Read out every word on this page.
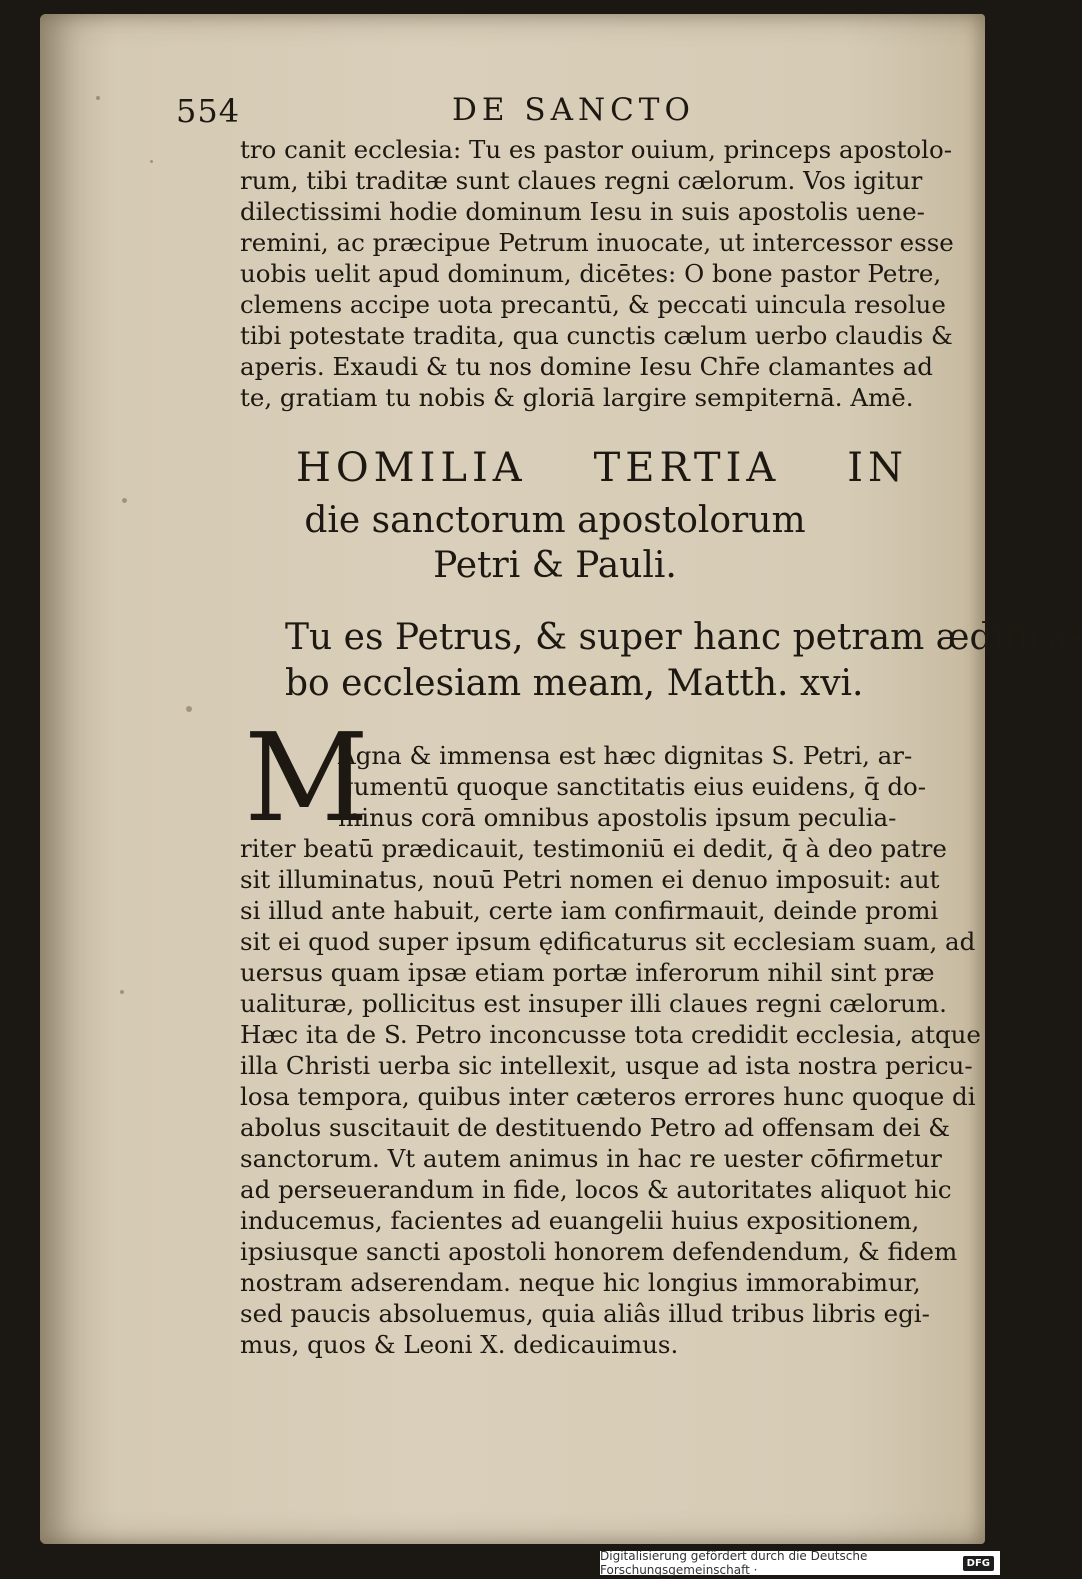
554	DE SANCTO
tro canit ecclesia: Tu es pastor ouium, princeps apostolo-
rum, tibi traditæ sunt claues regni cælorum. Vos igitur
dilectissimi hodie dominum Iesu in suis apostolis uene-
remini, ac præcipue Petrum inuocate, ut intercessor esse
uobis uelit apud dominum, dicētes: O bone pastor Petre,
clemens accipe uota precantū, & peccati uincula resolue
tibi potestate tradita, qua cunctis cælum uerbo claudis &
aperis. Exaudi & tu nos domine Iesu Chr̄e clamantes ad
te, gratiam tu nobis & gloriā largire sempiternā. Amē.
HOMILIA TERTIA IN
die sanctorum apostolorum
Petri & Pauli.
Tu es Petrus, & super hanc petram ædifica-
bo ecclesiam meam, Matth. xvi.
M
Agna & immensa est hæc dignitas S. Petri, ar-
gumentū quoque sanctitatis eius euidens, q̄ do-
minus corā omnibus apostolis ipsum peculia-
riter beatū prædicauit, testimoniū ei dedit, q̄ à deo patre
sit illuminatus, nouū Petri nomen ei denuo imposuit: aut
si illud ante habuit, certe iam confirmauit, deinde promi
sit ei quod super ipsum ędificaturus sit ecclesiam suam, ad
uersus quam ipsæ etiam portæ inferorum nihil sint præ
ualituræ, pollicitus est insuper illi claues regni cælorum.
Hæc ita de S. Petro inconcusse tota credidit ecclesia, atque
illa Christi uerba sic intellexit, usque ad ista nostra pericu-
losa tempora, quibus inter cæteros errores hunc quoque di
abolus suscitauit de destituendo Petro ad offensam dei &
sanctorum. Vt autem animus in hac re uester cōfirmetur
ad perseuerandum in fide, locos & autoritates aliquot hic
inducemus, facientes ad euangelii huius expositionem,
ipsiusque sancti apostoli honorem defendendum, & fidem
nostram adserendam. neque hic longius immorabimur,
sed paucis absoluemus, quia aliâs illud tribus libris egi-
mus, quos & Leoni X. dedicauimus.
Digitalisierung gefördert durch die Deutsche Forschungsgemeinschaft ·	DFG
